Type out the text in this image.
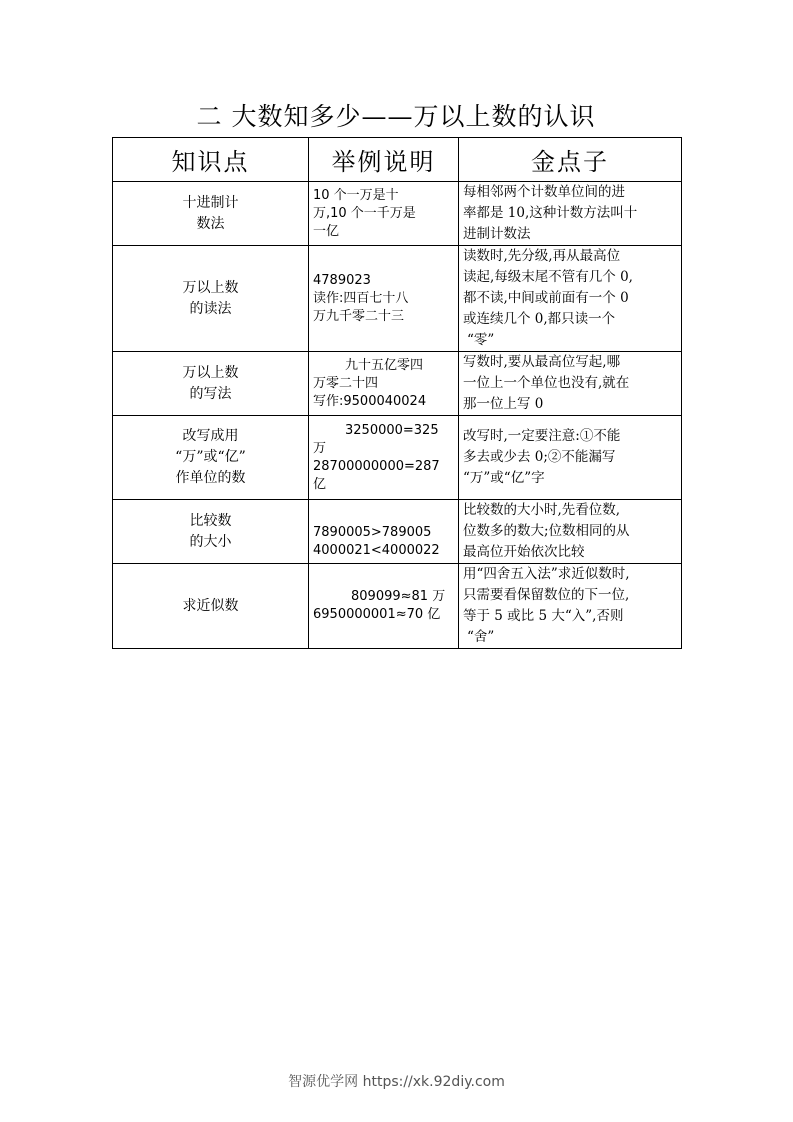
二 大数知多少——万以上数的认识
知识点	举例说明	金点子

十进制计
数法	10 个一万是十
万,10 个一千万是
一亿	每相邻两个计数单位间的进
率都是 10,这种计数方法叫十
进制计数法

万以上数
的读法	4789023
读作:四百七十八
万九千零二十三	读数时,先分级,再从最高位
读起,每级末尾不管有几个 0,
都不读,中间或前面有一个 0
或连续几个 0,都只读一个
“零”

万以上数
的写法	九十五亿零四
万零二十四
写作:9500040024	写数时,要从最高位写起,哪
一位上一个单位也没有,就在
那一位上写 0

改写成用
“万”或“亿”
作单位的数	3250000=325
万
28700000000=287
亿	改写时,一定要注意:①不能
多去或少去 0;②不能漏写
“万”或“亿”字

比较数
的大小	7890005>789005
4000021<4000022	比较数的大小时,先看位数,
位数多的数大;位数相同的从
最高位开始依次比较

求近似数	809099≈81 万
6950000001≈70 亿	用“四舍五入法”求近似数时,
只需要看保留数位的下一位,
等于 5 或比 5 大“入”,否则
“舍”
智源优学网 https://xk.92diy.com
